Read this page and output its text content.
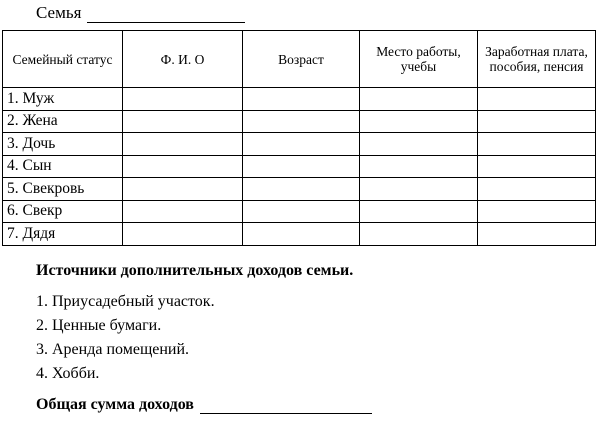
Семья
Семейный статус	Ф. И. О	Возраст	Место работы, учебы	Заработная плата, пособия, пенсия
1. Муж				
2. Жена				
3. Дочь				
4. Сын				
5. Свекровь				
6. Свекр				
7. Дядя				
Источники дополнительных доходов семьи.
1. Приусадебный участок.
2. Ценные бумаги.
3. Аренда помещений.
4. Хобби.
Общая сумма доходов
